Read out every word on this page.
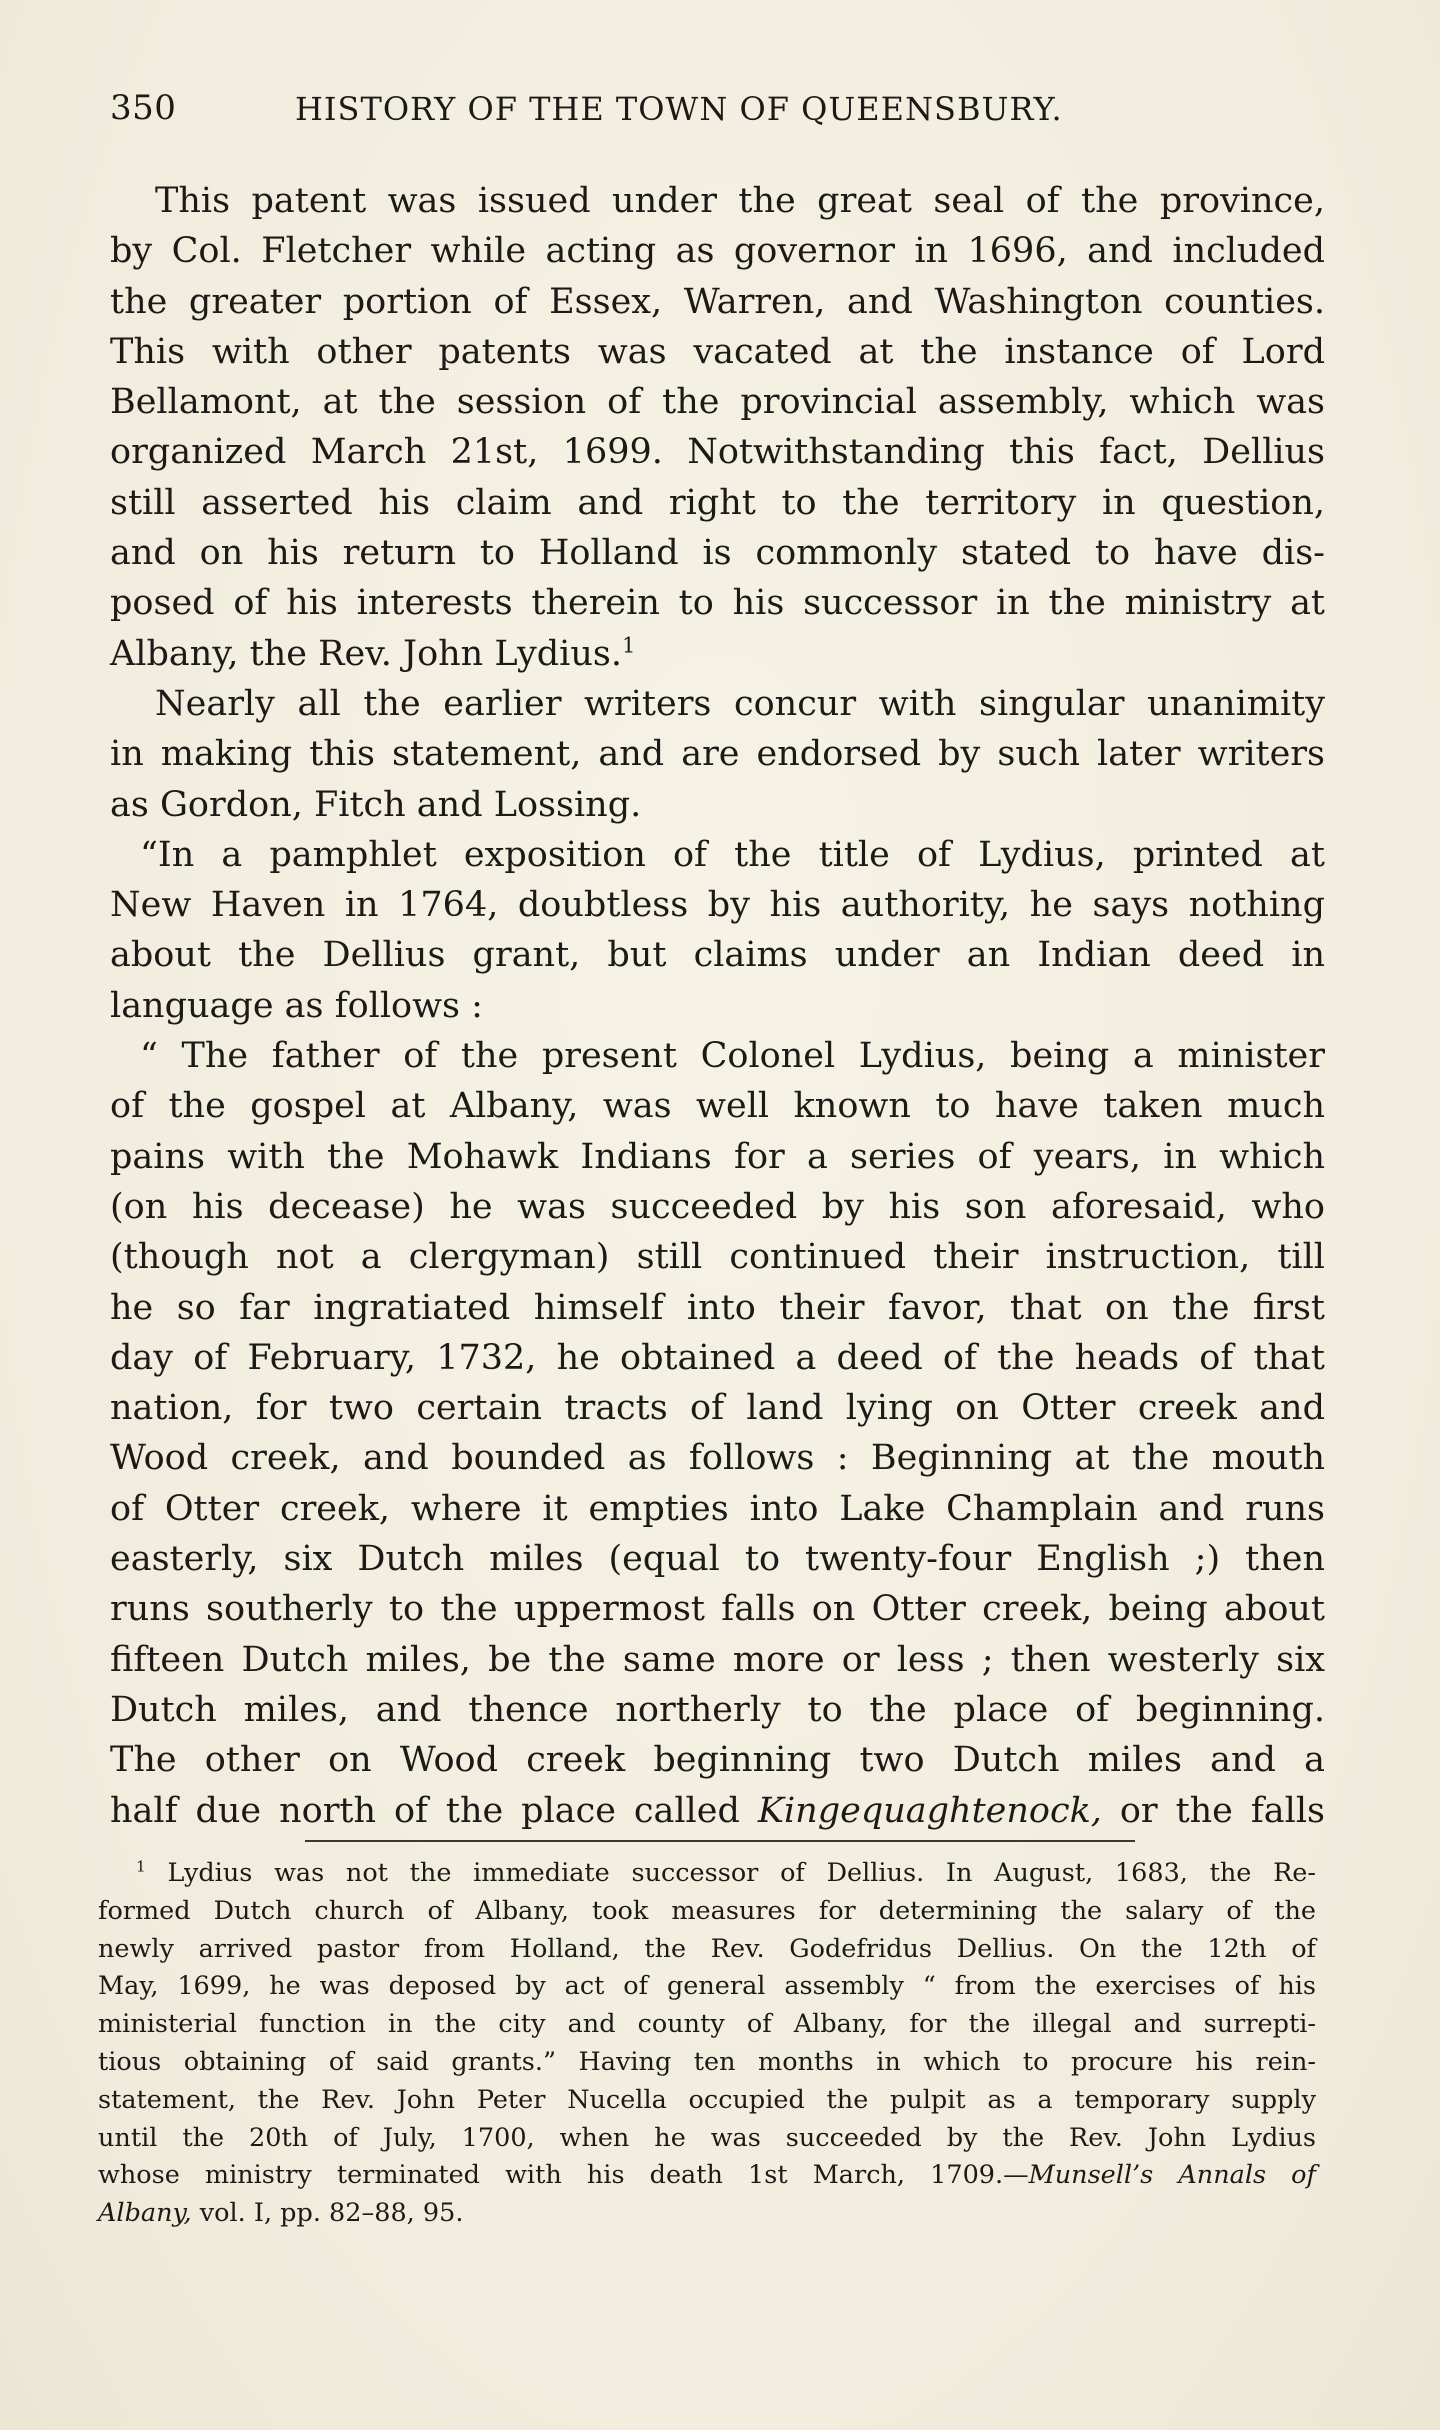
350	HISTORY OF THE TOWN OF QUEENSBURY.
This patent was issued under the great seal of the province,
by Col. Fletcher while acting as governor in 1696, and included
the greater portion of Essex, Warren, and Washington counties.
This with other patents was vacated at the instance of Lord
Bellamont, at the session of the provincial assembly, which was
organized March 21st, 1699. Notwithstanding this fact, Dellius
still asserted his claim and right to the territory in question,
and on his return to Holland is commonly stated to have dis-
posed of his interests therein to his successor in the ministry at
Albany, the Rev. John Lydius.$^1$
Nearly all the earlier writers concur with singular unanimity
in making this statement, and are endorsed by such later writers
as Gordon, Fitch and Lossing.
“In a pamphlet exposition of the title of Lydius, printed at
New Haven in 1764, doubtless by his authority, he says nothing
about the Dellius grant, but claims under an Indian deed in
language as follows :
“ The father of the present Colonel Lydius, being a minister
of the gospel at Albany, was well known to have taken much
pains with the Mohawk Indians for a series of years, in which
(on his decease) he was succeeded by his son aforesaid, who
(though not a clergyman) still continued their instruction, till
he so far ingratiated himself into their favor, that on the first
day of February, 1732, he obtained a deed of the heads of that
nation, for two certain tracts of land lying on Otter creek and
Wood creek, and bounded as follows : Beginning at the mouth
of Otter creek, where it empties into Lake Champlain and runs
easterly, six Dutch miles (equal to twenty-four English ;) then
runs southerly to the uppermost falls on Otter creek, being about
fifteen Dutch miles, be the same more or less ; then westerly six
Dutch miles, and thence northerly to the place of beginning.
The other on Wood creek beginning two Dutch miles and a
half due north of the place called Kingequaghtenock, or the falls
$^1$ Lydius was not the immediate successor of Dellius. In August, 1683, the Re-
formed Dutch church of Albany, took measures for determining the salary of the
newly arrived pastor from Holland, the Rev. Godefridus Dellius. On the 12th of
May, 1699, he was deposed by act of general assembly “ from the exercises of his
ministerial function in the city and county of Albany, for the illegal and surrepti-
tious obtaining of said grants.” Having ten months in which to procure his rein-
statement, the Rev. John Peter Nucella occupied the pulpit as a temporary supply
until the 20th of July, 1700, when he was succeeded by the Rev. John Lydius
whose ministry terminated with his death 1st March, 1709.—Munsell’s Annals of
Albany, vol. I, pp. 82–88, 95.
